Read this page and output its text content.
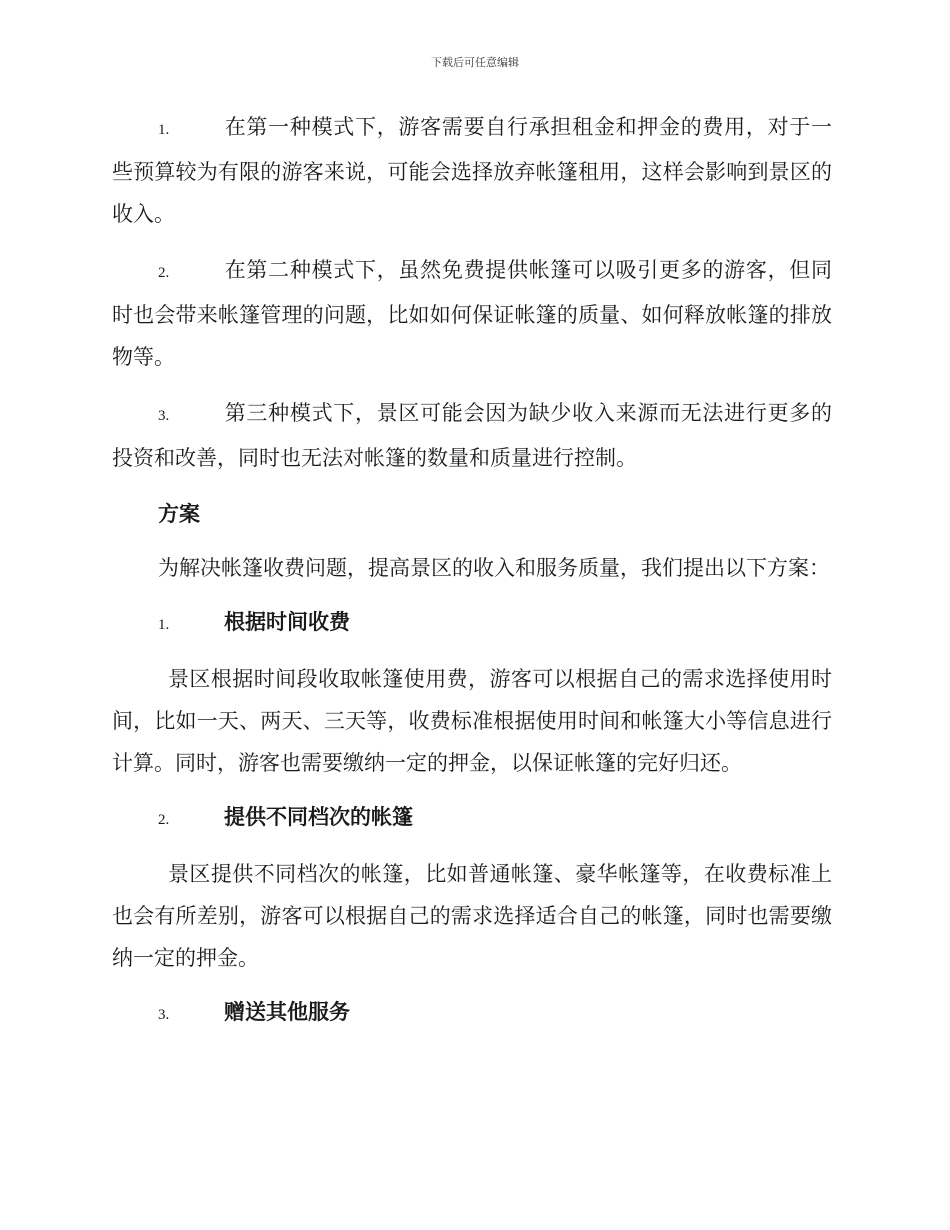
下载后可任意编辑

1.	在第一种模式下，游客需要自行承担租金和押金的费用，对于一些预算较为有限的游客来说，可能会选择放弃帐篷租用，这样会影响到景区的收入。

2.	在第二种模式下，虽然免费提供帐篷可以吸引更多的游客，但同时也会带来帐篷管理的问题，比如如何保证帐篷的质量、如何释放帐篷的排放物等。

3.	第三种模式下，景区可能会因为缺少收入来源而无法进行更多的投资和改善，同时也无法对帐篷的数量和质量进行控制。

方案

为解决帐篷收费问题，提高景区的收入和服务质量，我们提出以下方案：

1.	根据时间收费

景区根据时间段收取帐篷使用费，游客可以根据自己的需求选择使用时间，比如一天、两天、三天等，收费标准根据使用时间和帐篷大小等信息进行计算。同时，游客也需要缴纳一定的押金，以保证帐篷的完好归还。

2.	提供不同档次的帐篷

景区提供不同档次的帐篷，比如普通帐篷、豪华帐篷等，在收费标准上也会有所差别，游客可以根据自己的需求选择适合自己的帐篷，同时也需要缴纳一定的押金。

3.	赠送其他服务
